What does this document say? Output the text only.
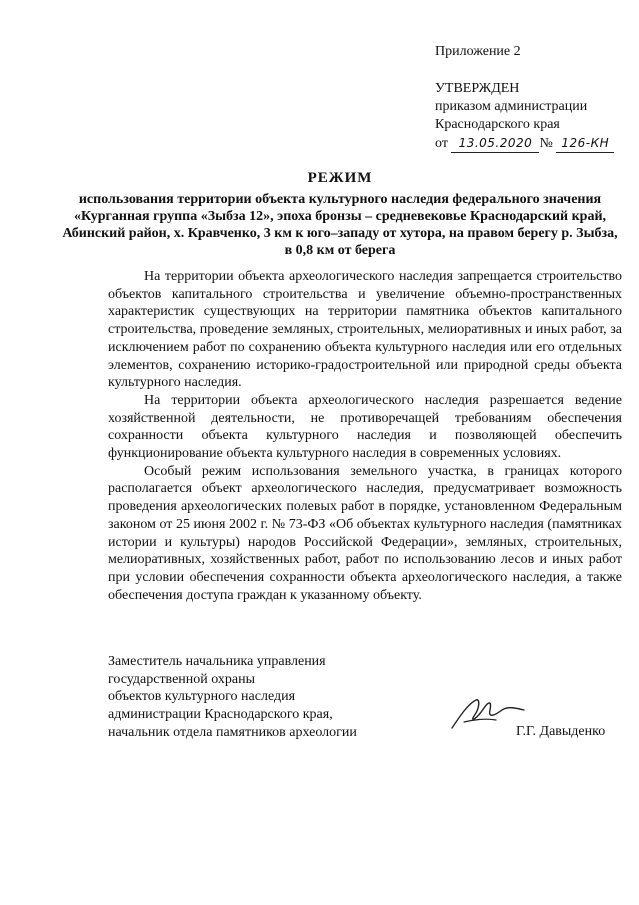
Приложение 2
УТВЕРЖДЕН
приказом администрации
Краснодарского края
от 13.05.2020 № 126-КН
РЕЖИМ
использования территории объекта культурного наследия федерального значения «Курганная группа «Зыбза 12», эпоха бронзы – средневековье Краснодарский край, Абинский район, х. Кравченко, 3 км к юго–западу от хутора, на правом берегу р. Зыбза, в 0,8 км от берега

На территории объекта археологического наследия запрещается строительство объектов капитального строительства и увеличение объемно-пространственных характеристик существующих на территории памятника объектов капитального строительства, проведение земляных, строительных, мелиоративных и иных работ, за исключением работ по сохранению объекта культурного наследия или его отдельных элементов, сохранению историко-градостроительной или природной среды объекта культурного наследия.

На территории объекта археологического наследия разрешается ведение хозяйственной деятельности, не противоречащей требованиям обеспечения сохранности объекта культурного наследия и позволяющей обеспечить функционирование объекта культурного наследия в современных условиях.

Особый режим использования земельного участка, в границах которого располагается объект археологического наследия, предусматривает возможность проведения археологических полевых работ в порядке, установленном Федеральным законом от 25 июня 2002 г. № 73-ФЗ «Об объектах культурного наследия (памятниках истории и культуры) народов Российской Федерации», земляных, строительных, мелиоративных, хозяйственных работ, работ по использованию лесов и иных работ при условии обеспечения сохранности объекта археологического наследия, а также обеспечения доступа граждан к указанному объекту.

Заместитель начальника управления
государственной охраны
объектов культурного наследия
администрации Краснодарского края,
начальник отдела памятников археологии	Г.Г. Давыденко
